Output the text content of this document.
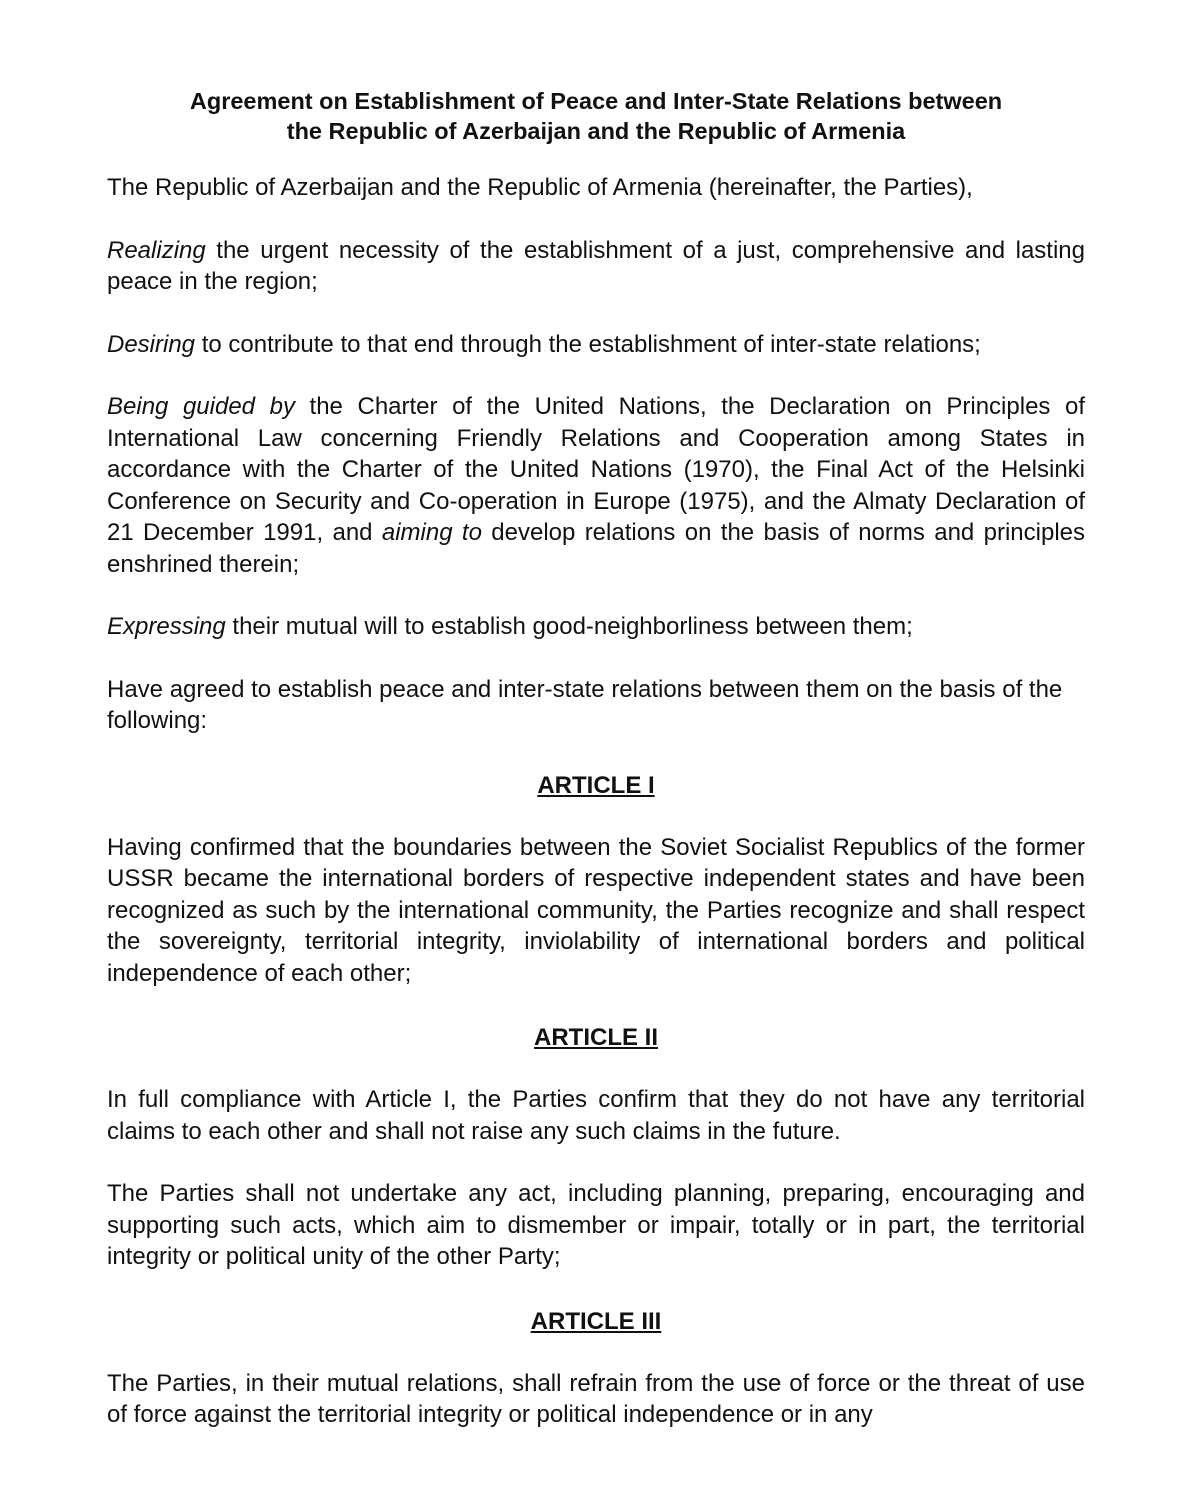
Agreement on Establishment of Peace and Inter-State Relations between
the Republic of Azerbaijan and the Republic of Armenia

The Republic of Azerbaijan and the Republic of Armenia (hereinafter, the Parties),

Realizing the urgent necessity of the establishment of a just, comprehensive and lasting peace in the region;

Desiring to contribute to that end through the establishment of inter-state relations;

Being guided by the Charter of the United Nations, the Declaration on Principles of International Law concerning Friendly Relations and Cooperation among States in accordance with the Charter of the United Nations (1970), the Final Act of the Helsinki Conference on Security and Co-operation in Europe (1975), and the Almaty Declaration of 21 December 1991, and aiming to develop relations on the basis of norms and principles enshrined therein;

Expressing their mutual will to establish good-neighborliness between them;

Have agreed to establish peace and inter-state relations between them on the basis of the following:

ARTICLE I

Having confirmed that the boundaries between the Soviet Socialist Republics of the former USSR became the international borders of respective independent states and have been recognized as such by the international community, the Parties recognize and shall respect the sovereignty, territorial integrity, inviolability of international borders and political independence of each other;

ARTICLE II

In full compliance with Article I, the Parties confirm that they do not have any territorial claims to each other and shall not raise any such claims in the future.

The Parties shall not undertake any act, including planning, preparing, encouraging and supporting such acts, which aim to dismember or impair, totally or in part, the territorial integrity or political unity of the other Party;

ARTICLE III

The Parties, in their mutual relations, shall refrain from the use of force or the threat of use of force against the territorial integrity or political independence or in any
